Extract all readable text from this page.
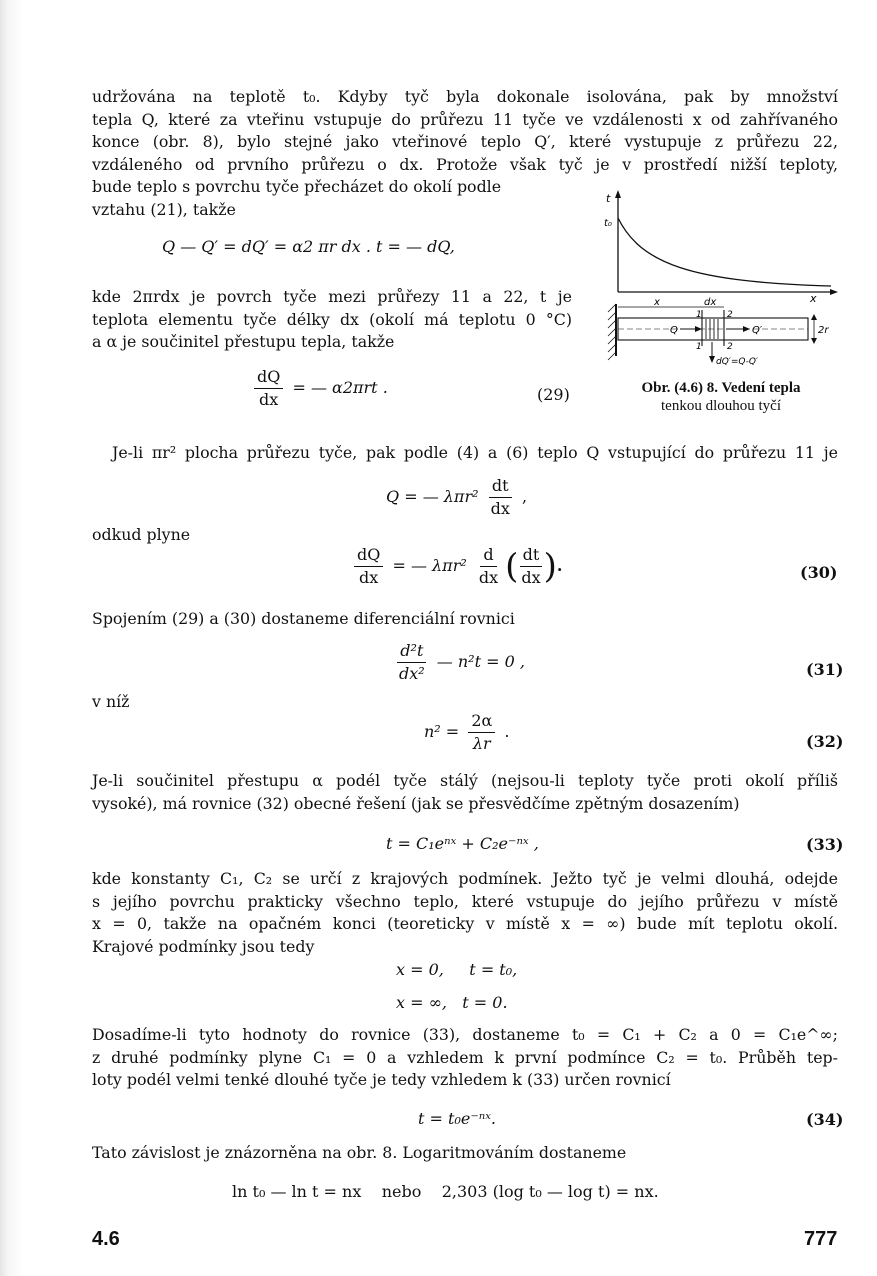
udržována na teplotě t₀. Kdyby tyč byla dokonale isolována, pak by množství
tepla Q, které za vteřinu vstupuje do průřezu 11 tyče ve vzdálenosti x od zahřívaného
konce (obr. 8), bylo stejné jako vteřinové teplo Q′, které vystupuje z průřezu 22,
vzdáleného od prvního průřezu o dx. Protože však tyč je v prostředí nižší teploty,
bude teplo s povrchu tyče přecházet do okolí podle
vztahu (21), takže
Q — Q′ = dQ′ = α2 πr dx . t = — dQ,
kde 2πrdx je povrch tyče mezi průřezy 11 a 22, t je
teplota elementu tyče délky dx (okolí má teplotu 0 °C)
a α je součinitel přestupu tepla, takže
$\frac{dQ}{dx}$ = — α2πrt .	(29)
t
t₀
x
x	dx
1	2
1	2
Q	Q′	2r
dQ′=Q-Q′
Obr. (4.6) 8. Vedení tepla
tenkou dlouhou tyčí
Je-li πr² plocha průřezu tyče, pak podle (4) a (6) teplo Q vstupující do průřezu 11 je
Q = — $\lambda\pi r^2 \frac{dt}{dx}$ ,
odkud plyne
$\frac{dQ}{dx}$ = — $\lambda\pi r^2 \frac{d}{dx}$ ( $\frac{dt}{dx}$ ).	(30)
Spojením (29) a (30) dostaneme diferenciální rovnici
$\frac{\text{d²t}}{\text{dx²}}$ — n²t = 0 ,	(31)
v níž
$n^2 = \frac{2\alpha}{\lambda r}$ .
(32)
Je-li součinitel přestupu α podél tyče stálý (nejsou-li teploty tyče proti okolí příliš
vysoké), má rovnice (32) obecné řešení (jak se přesvědčíme zpětným dosazením)
t = C₁eⁿˣ + C₂e⁻ⁿˣ ,	(33)
kde konstanty C₁, C₂ se určí z krajových podmínek. Ježto tyč je velmi dlouhá, odejde
s jejího povrchu prakticky všechno teplo, které vstupuje do jejího průřezu v místě
x = 0, takže na opačném konci (teoreticky v místě x = ∞) bude mít teplotu okolí.
Krajové podmínky jsou tedy
x = 0,     t = t₀,
x = ∞,   t = 0.
Dosadíme-li tyto hodnoty do rovnice (33), dostaneme t₀ = C₁ + C₂ a 0 = C₁e^∞;
z druhé podmínky plyne C₁ = 0 a vzhledem k první podmínce C₂ = t₀. Průběh tep-
loty podél velmi tenké dlouhé tyče je tedy vzhledem k (33) určen rovnicí
t = t₀e⁻ⁿˣ.	(34)
Tato závislost je znázorněna na obr. 8. Logaritmováním dostaneme
ln t₀ — ln t = nx    nebo    2,303 (log t₀ — log t) = nx.
4.6	777
